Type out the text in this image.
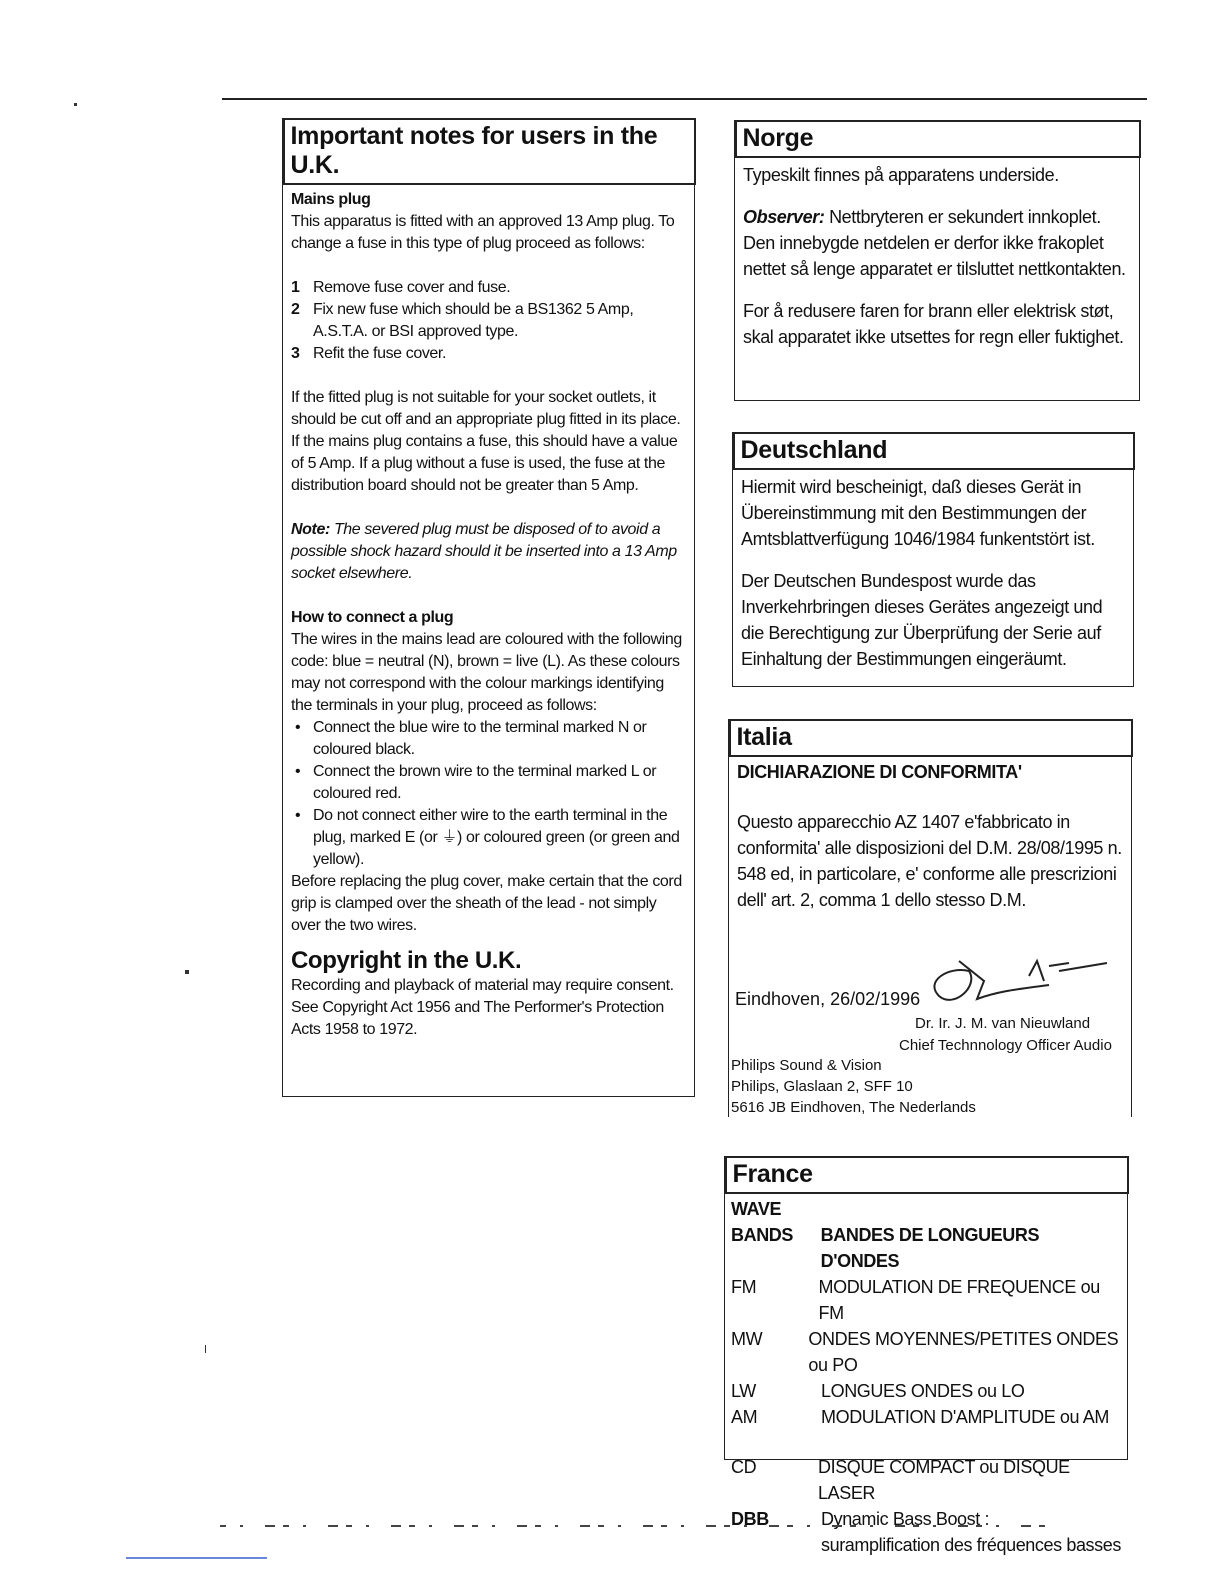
Important notes for users in the U.K.

Mains plug

This apparatus is fitted with an approved 13 Amp plug. To change a fuse in this type of plug proceed as follows:

1 Remove fuse cover and fuse.
2 Fix new fuse which should be a BS1362 5 Amp, A.S.T.A. or BSI approved type.
3 Refit the fuse cover.

If the fitted plug is not suitable for your socket outlets, it should be cut off and an appropriate plug fitted in its place. If the mains plug contains a fuse, this should have a value of 5 Amp. If a plug without a fuse is used, the fuse at the distribution board should not be greater than 5 Amp.

Note: The severed plug must be disposed of to avoid a possible shock hazard should it be inserted into a 13 Amp socket elsewhere.

How to connect a plug

The wires in the mains lead are coloured with the following code: blue = neutral (N), brown = live (L). As these colours may not correspond with the colour markings identifying the terminals in your plug, proceed as follows:

• Connect the blue wire to the terminal marked N or coloured black.
• Connect the brown wire to the terminal marked L or coloured red.
• Do not connect either wire to the earth terminal in the plug, marked E (or ⏚) or coloured green (or green and yellow).

Before replacing the plug cover, make certain that the cord grip is clamped over the sheath of the lead - not simply over the two wires.

Copyright in the U.K.

Recording and playback of material may require consent. See Copyright Act 1956 and The Performer's Protection Acts 1958 to 1972.

Norge

Typeskilt finnes på apparatens underside.

Observer: Nettbryteren er sekundert innkoplet. Den innebygde netdelen er derfor ikke frakoplet nettet så lenge apparatet er tilsluttet nettkontakten.

For å redusere faren for brann eller elektrisk støt, skal apparatet ikke utsettes for regn eller fuktighet.

Deutschland

Hiermit wird bescheinigt, daß dieses Gerät in Übereinstimmung mit den Bestimmungen der Amtsblattverfügung 1046/1984 funkentstört ist.

Der Deutschen Bundespost wurde das Inverkehrbringen dieses Gerätes angezeigt und die Berechtigung zur Überprüfung der Serie auf Einhaltung der Bestimmungen eingeräumt.

Italia

DICHIARAZIONE DI CONFORMITA'

Questo apparecchio AZ 1407 e'fabbricato in conformita' alle disposizioni del D.M. 28/08/1995 n. 548 ed, in particolare, e' conforme alle prescrizioni dell' art. 2, comma 1 dello stesso D.M.

Eindhoven, 26/02/1996
Dr. Ir. J. M. van Nieuwland
Chief Technnology Officer Audio
Philips Sound & Vision
Philips, Glaslaan 2, SFF 10
5616 JB Eindhoven, The Nederlands
France

WAVE

BANDS	BANDES DE LONGUEURS D'ONDES
FM	MODULATION DE FREQUENCE ou FM
MW	ONDES MOYENNES/PETITES ONDES ou PO
LW	LONGUES ONDES ou LO
AM	MODULATION D'AMPLITUDE ou AM
CD	DISQUE COMPACT ou DISQUE LASER
DBB	Dynamic Bass Boost :
suramplification des fréquences basses
